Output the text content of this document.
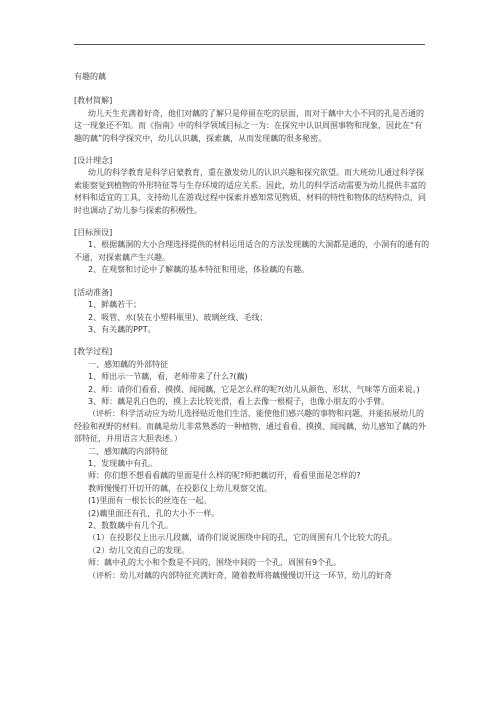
有趣的藕
[教材简解]
幼儿天生充满着好奇，他们对藕的了解只是停留在吃的层面，而对于藕中大小不同的孔是否通的这一现象还不知。而《指南》中的科学领域目标之一为：在探究中认识周围事物和现象，因此在“有趣的藕”的科学探究中，幼儿认识藕，探索藕，从而发现藕的很多秘密。
[设计理念]
幼儿的科学教育是科学启蒙教育，重在激发幼儿的认识兴趣和探究欲望。而大班幼儿通过科学探索能察觉到植物的外形特征等与生存环境的适应关系。因此，幼儿的科学活动需要为幼儿提供丰富的材料和适宜的工具，支持幼儿在游戏过程中探索并感知常见物质、材料的特性和物体的结构特点，同时也调动了幼儿参与探索的积极性。
[目标预设]
1、根据藕洞的大小合理选择提供的材料运用适合的方法发现藕的大洞都是通的，小洞有的通有的不通，对探索藕产生兴趣。
2、在观察和讨论中了解藕的基本特征和用途，体验藕的有趣。
[活动准备]
1、鲜藕若干；
2、吸管、水(装在小塑料瓶里)、玻璃丝线、毛线；
3、有关藕的PPT。
[教学过程]
一、感知藕的外部特征
1、师出示一节藕，看，老师带来了什么?(藕)
2、师：请你们看看、摸摸、闻闻藕，它是怎么样的呢?(幼儿从颜色、形状、气味等方面来说。)
3、师：藕是乳白色的，摸上去比较光滑，看上去像一根棍子，也像小朋友的小手臂。
（评析：科学活动应为幼儿选择贴近他们生活，能使他们感兴趣的事物和问题，并能拓展幼儿的经验和视野的材料。而藕是幼儿非常熟悉的一种植物，通过看看、摸摸、闻闻藕，幼儿感知了藕的外部特征，并用语言大胆表述。）
二、感知藕的内部特征
1、发现藕中有孔。
师：你们想不想看看藕的里面是什么样的呢?师把藕切开，看看里面是怎样的?
教师慢慢打开切开的藕，在投影仪上幼儿观察交流。
(1)里面有一根长长的丝连在一起。
(2)藕里面还有孔，孔的大小不一样。
2、数数藕中有几个孔。
（1）在投影仪上出示几段藕，请你们说说围绕中间的孔，它的周围有几个比较大的孔。
（2）幼儿交流自己的发现。
师：藕中孔的大小和个数是不同的，围绕中间的一个孔，周围有9个孔。
（评析：幼儿对藕的内部特征充满好奇，随着教师将藕慢慢切开这一环节，幼儿的好奇
